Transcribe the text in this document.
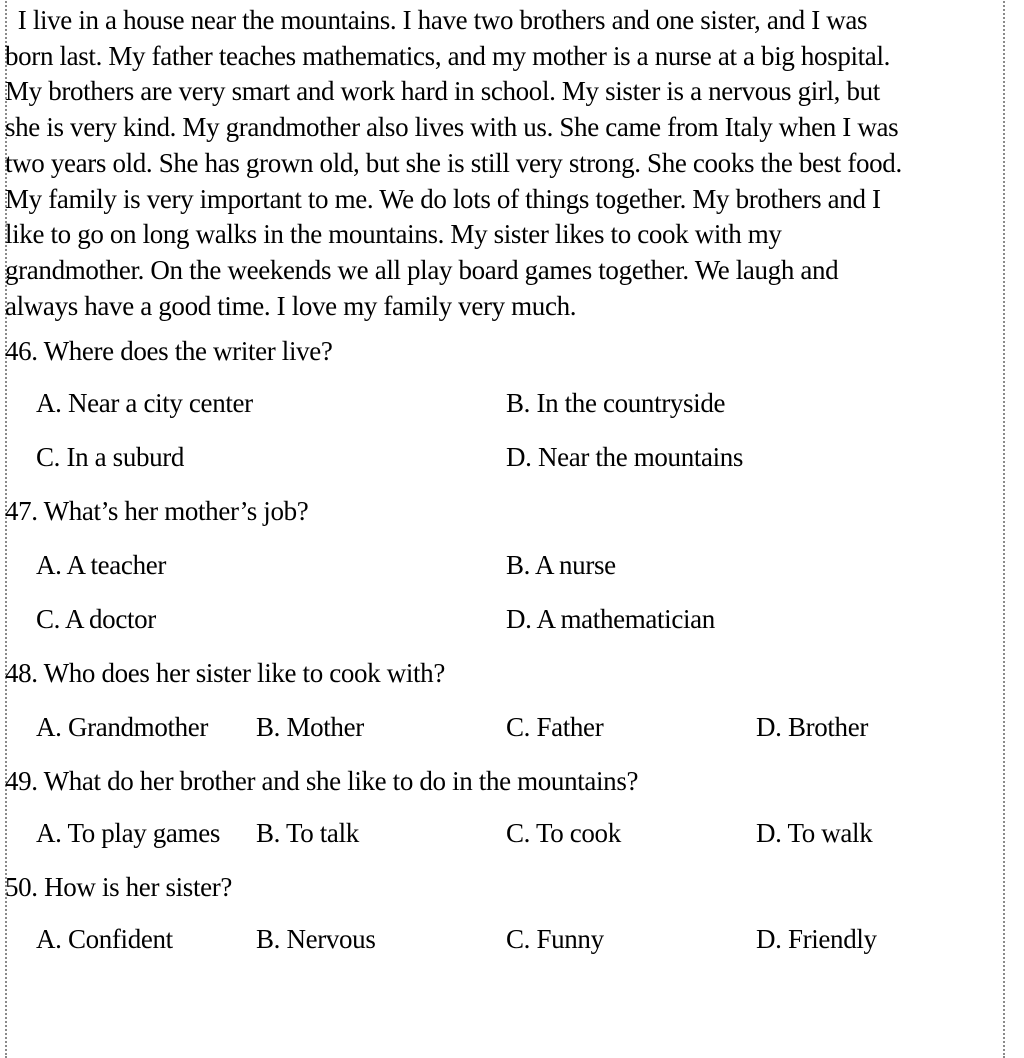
I live in a house near the mountains. I have two brothers and one sister, and I was
born last. My father teaches mathematics, and my mother is a nurse at a big hospital.
My brothers are very smart and work hard in school. My sister is a nervous girl, but
she is very kind. My grandmother also lives with us. She came from Italy when I was
two years old. She has grown old, but she is still very strong. She cooks the best food.
My family is very important to me. We do lots of things together. My brothers and I
like to go on long walks in the mountains. My sister likes to cook with my
grandmother. On the weekends we all play board games together. We laugh and
always have a good time. I love my family very much.
46. Where does the writer live?
A. Near a city center	B. In the countryside
C. In a suburd	D. Near the mountains
47. What’s her mother’s job?
A. A teacher	B. A nurse
C. A doctor	D. A mathematician
48. Who does her sister like to cook with?
A. Grandmother B. Mother	C. Father	D. Brother
49. What do her brother and she like to do in the mountains?
A. To play games B. To talk	C. To cook	D. To walk
50. How is her sister?
A. Confident	B. Nervous	C. Funny	D. Friendly
